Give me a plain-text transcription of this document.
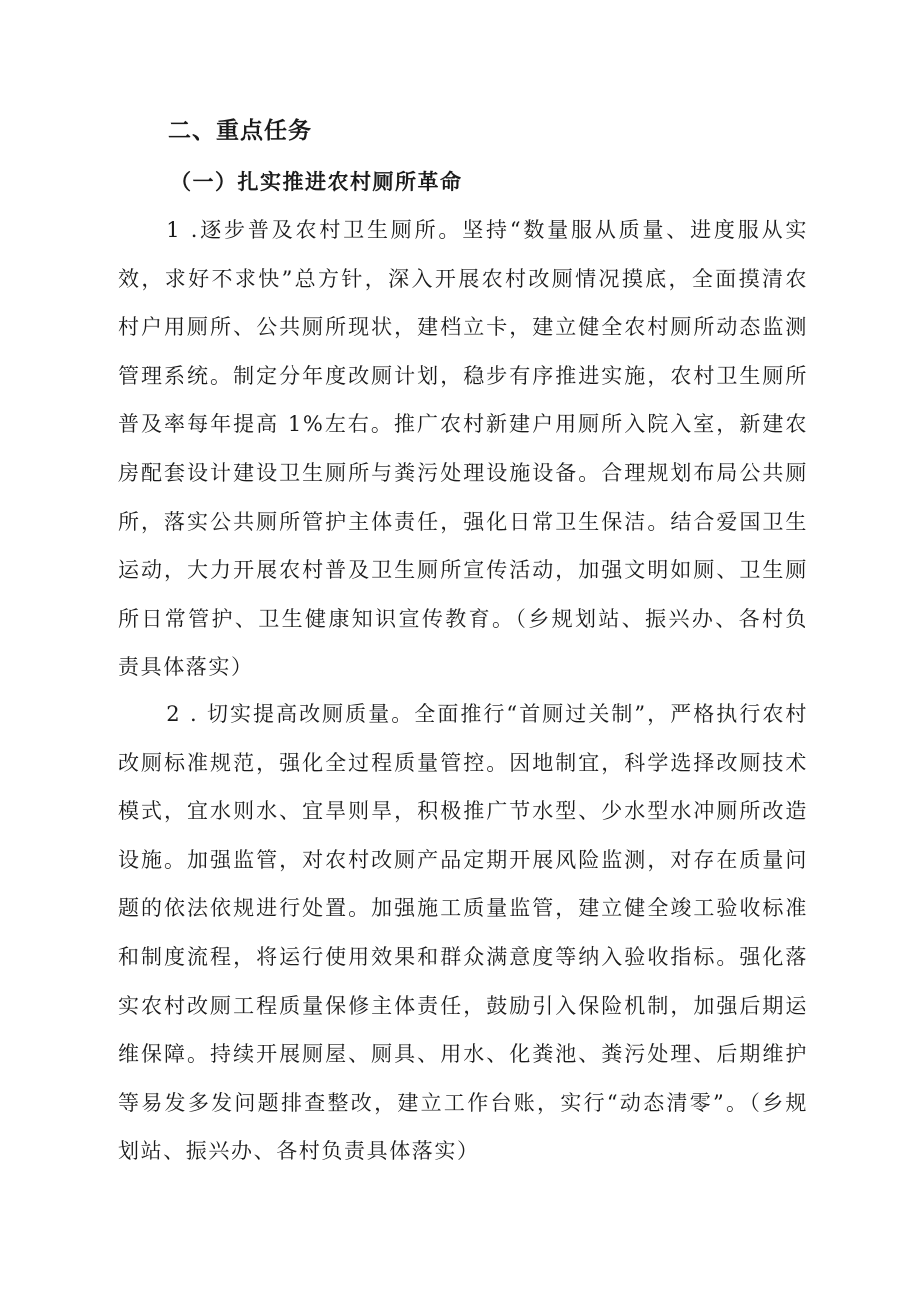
二、重点任务
（一）扎实推进农村厕所革命

1 .逐步普及农村卫生厕所。坚持“数量服从质量、进度服从实效，求好不求快”总方针，深入开展农村改厕情况摸底，全面摸清农村户用厕所、公共厕所现状，建档立卡，建立健全农村厕所动态监测管理系统。制定分年度改厕计划，稳步有序推进实施，农村卫生厕所普及率每年提高 1%左右。推广农村新建户用厕所入院入室，新建农房配套设计建设卫生厕所与粪污处理设施设备。合理规划布局公共厕所，落实公共厕所管护主体责任，强化日常卫生保洁。结合爱国卫生运动，大力开展农村普及卫生厕所宣传活动，加强文明如厕、卫生厕所日常管护、卫生健康知识宣传教育。（乡规划站、振兴办、各村负责具体落实）

2 . 切实提高改厕质量。全面推行“首厕过关制”，严格执行农村改厕标准规范，强化全过程质量管控。因地制宜，科学选择改厕技术模式，宜水则水、宜旱则旱，积极推广节水型、少水型水冲厕所改造设施。加强监管，对农村改厕产品定期开展风险监测，对存在质量问题的依法依规进行处置。加强施工质量监管，建立健全竣工验收标准和制度流程，将运行使用效果和群众满意度等纳入验收指标。强化落实农村改厕工程质量保修主体责任，鼓励引入保险机制，加强后期运维保障。持续开展厕屋、厕具、用水、化粪池、粪污处理、后期维护等易发多发问题排查整改，建立工作台账，实行“动态清零”。（乡规划站、振兴办、各村负责具体落实）
